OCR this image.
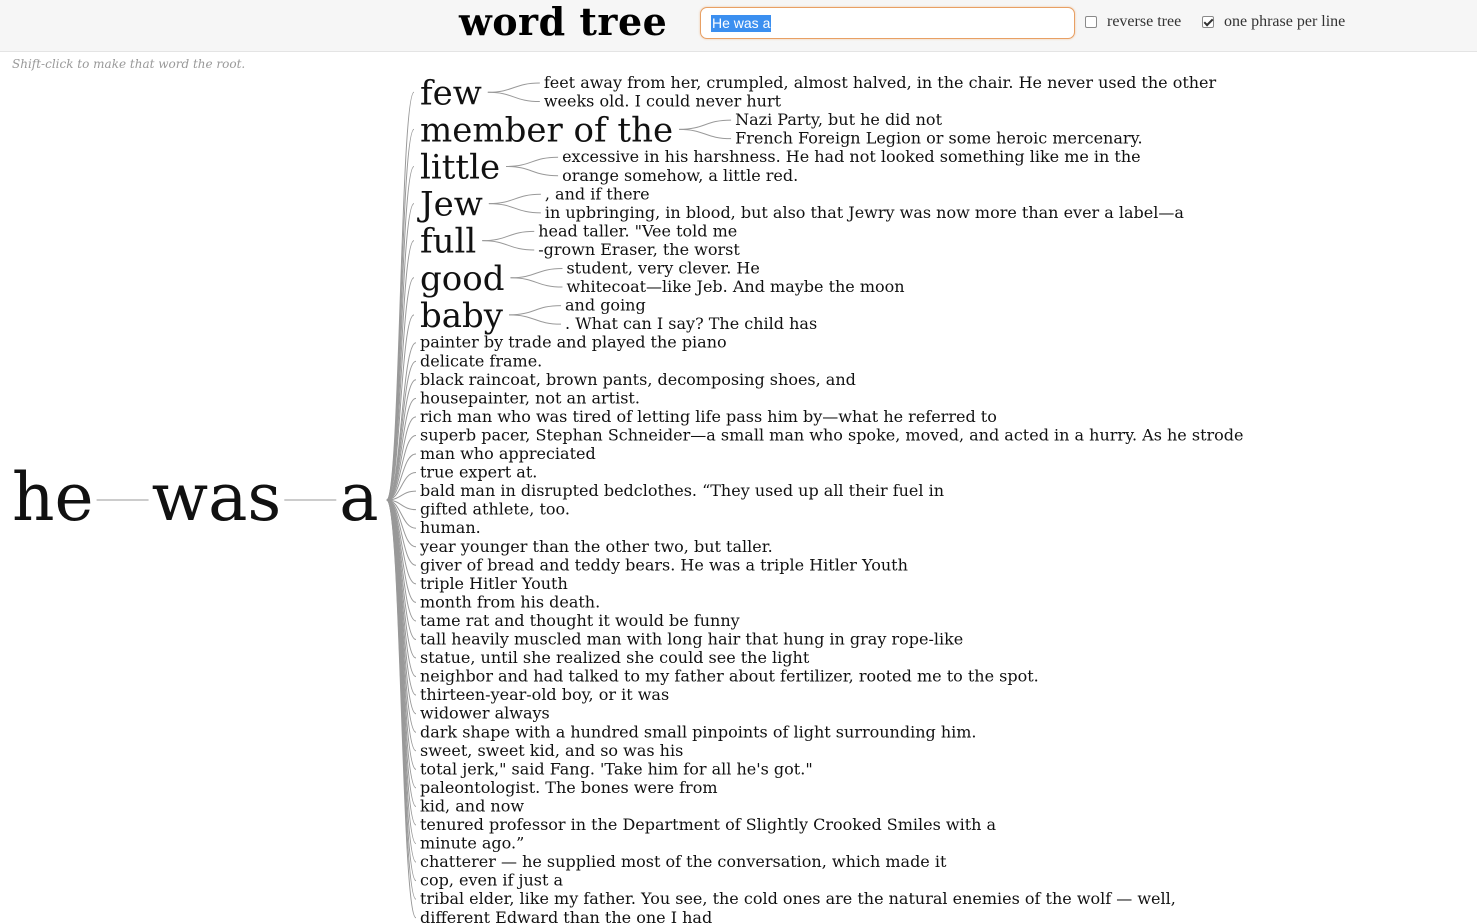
word tree	He was a	reverse tree	one phrase per line
Shift-click to make that word the root.
he was a
few	feet away from her, crumpled, almost halved, in the chair. He never used the other
weeks old. I could never hurt
member of the	Nazi Party, but he did not
French Foreign Legion or some heroic mercenary.
little	excessive in his harshness. He had not looked something like me in the
orange somehow, a little red.
Jew	, and if there
in upbringing, in blood, but also that Jewry was now more than ever a label—a
full	head taller. "Vee told me
-grown Eraser, the worst
good	student, very clever. He
whitecoat—like Jeb. And maybe the moon
baby	and going
. What can I say? The child has
painter by trade and played the piano
delicate frame.
black raincoat, brown pants, decomposing shoes, and
housepainter, not an artist.
rich man who was tired of letting life pass him by—what he referred to
superb pacer, Stephan Schneider—a small man who spoke, moved, and acted in a hurry. As he strode
man who appreciated
true expert at.
bald man in disrupted bedclothes. “They used up all their fuel in
gifted athlete, too.
human.
year younger than the other two, but taller.
giver of bread and teddy bears. He was a triple Hitler Youth
triple Hitler Youth
month from his death.
tame rat and thought it would be funny
tall heavily muscled man with long hair that hung in gray rope-like
statue, until she realized she could see the light
neighbor and had talked to my father about fertilizer, rooted me to the spot.
thirteen-year-old boy, or it was
widower always
dark shape with a hundred small pinpoints of light surrounding him.
sweet, sweet kid, and so was his
total jerk," said Fang. 'Take him for all he's got."
paleontologist. The bones were from
kid, and now
tenured professor in the Department of Slightly Crooked Smiles with a
minute ago.”
chatterer — he supplied most of the conversation, which made it
cop, even if just a
tribal elder, like my father. You see, the cold ones are the natural enemies of the wolf — well,
different Edward than the one I had
